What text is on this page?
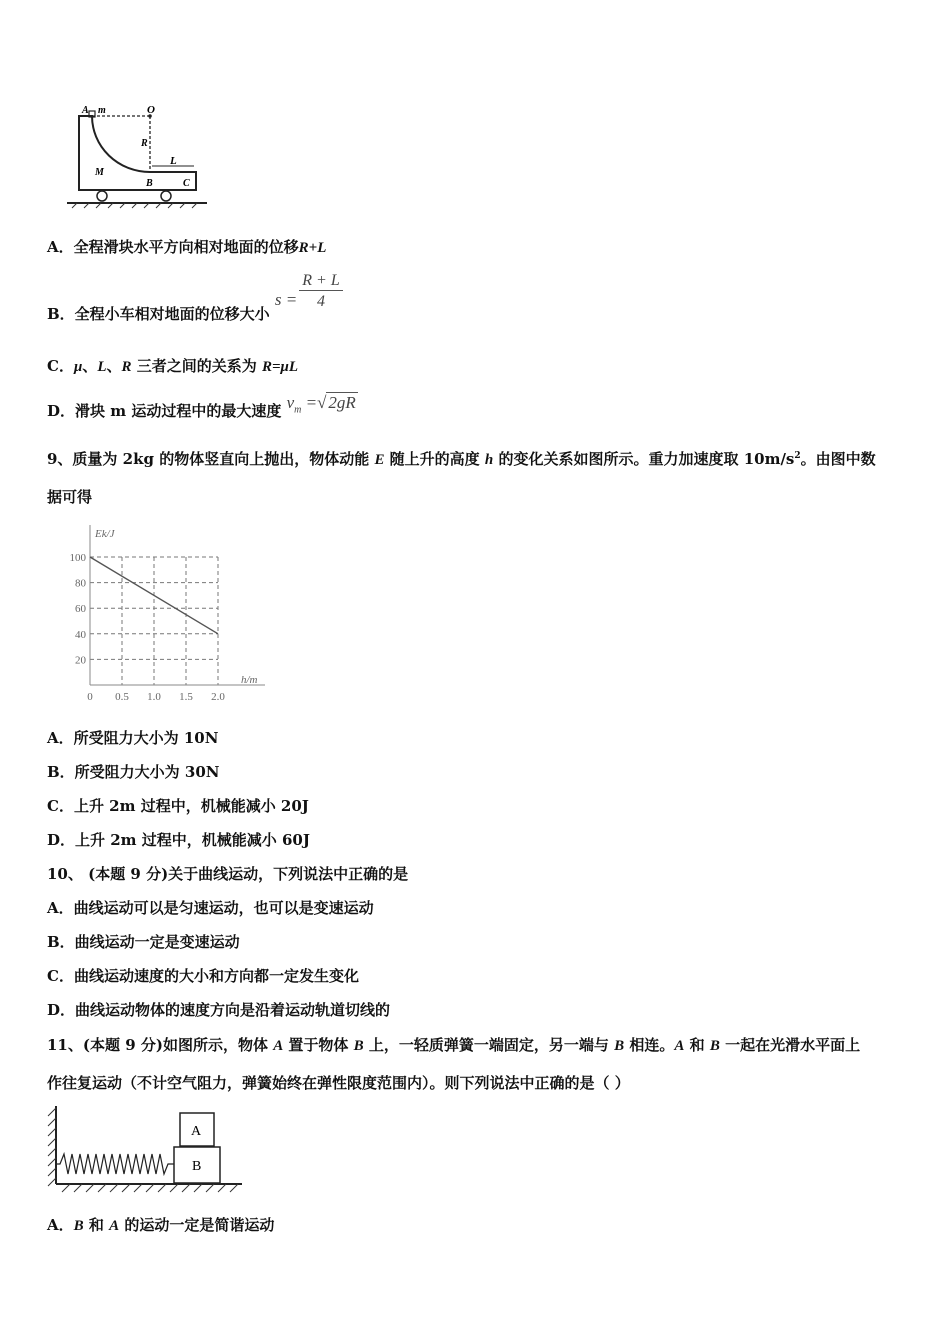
A m	O
R
L
M
B	C
A．全程滑块水平方向相对地面的位移R+L
B．全程小车相对地面的位移大小 $s = \frac{R + L}{4}$
C．μ、L、R 三者之间的关系为 R=μL
D．滑块 m 运动过程中的最大速度 $v_m$ =√ 2gR
9、质量为 2kg 的物体竖直向上抛出，物体动能 E 随上升的高度 h 的变化关系如图所示。重力加速度取 $10m/s^2$。由图中数
据可得
20
40
60
80
100
0 0.5 1.0 1.5 2.0
Ek/J
h/m
A．所受阻力大小为 10N
B．所受阻力大小为 30N
C．上升 2m 过程中，机械能减小 20J
D．上升 2m 过程中，机械能减小 60J
10、 (本题 9 分)关于曲线运动，下列说法中正确的是
A．曲线运动可以是匀速运动，也可以是变速运动
B．曲线运动一定是变速运动
C．曲线运动速度的大小和方向都一定发生变化
D．曲线运动物体的速度方向是沿着运动轨道切线的
11、(本题 9 分)如图所示，物体 A 置于物体 B 上，一轻质弹簧一端固定，另一端与 B 相连。A 和 B 一起在光滑水平面上
作往复运动（不计空气阻力，弹簧始终在弹性限度范围内）。则下列说法中正确的是（ ）
A
B
A．B 和 A 的运动一定是简谐运动
